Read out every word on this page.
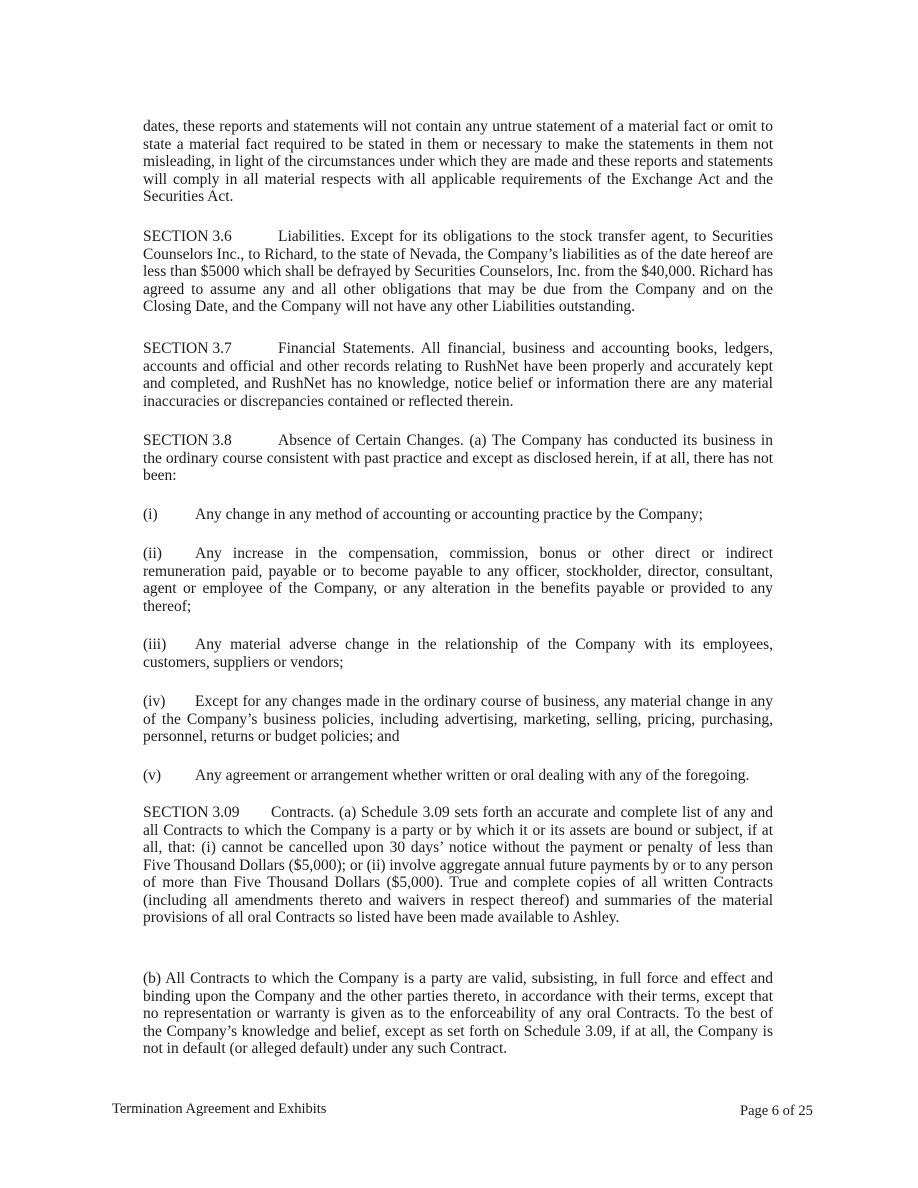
dates, these reports and statements will not contain any untrue statement of a material fact or omit to state a material fact required to be stated in them or necessary to make the statements in them not misleading, in light of the circumstances under which they are made and these reports and statements will comply in all material respects with all applicable requirements of the Exchange Act and the Securities Act.

SECTION 3.6	Liabilities. Except for its obligations to the stock transfer agent, to Securities Counselors Inc., to Richard, to the state of Nevada, the Company’s liabilities as of the date hereof are less than $5000 which shall be defrayed by Securities Counselors, Inc. from the $40,000. Richard has agreed to assume any and all other obligations that may be due from the Company and on the Closing Date, and the Company will not have any other Liabilities outstanding.

SECTION 3.7	Financial Statements. All financial, business and accounting books, ledgers, accounts and official and other records relating to RushNet have been properly and accurately kept and completed, and RushNet has no knowledge, notice belief or information there are any material inaccuracies or discrepancies contained or reflected therein.

SECTION 3.8	Absence of Certain Changes. (a) The Company has conducted its business in the ordinary course consistent with past practice and except as disclosed herein, if at all, there has not been:

(i) Any change in any method of accounting or accounting practice by the Company;

(ii) Any increase in the compensation, commission, bonus or other direct or indirect remuneration paid, payable or to become payable to any officer, stockholder, director, consultant, agent or employee of the Company, or any alteration in the benefits payable or provided to any thereof;

(iii) Any material adverse change in the relationship of the Company with its employees, customers, suppliers or vendors;

(iv) Except for any changes made in the ordinary course of business, any material change in any of the Company’s business policies, including advertising, marketing, selling, pricing, purchasing, personnel, returns or budget policies; and

(v) Any agreement or arrangement whether written or oral dealing with any of the foregoing.

SECTION 3.09 Contracts. (a) Schedule 3.09 sets forth an accurate and complete list of any and all Contracts to which the Company is a party or by which it or its assets are bound or subject, if at all, that: (i) cannot be cancelled upon 30 days’ notice without the payment or penalty of less than Five Thousand Dollars ($5,000); or (ii) involve aggregate annual future payments by or to any person of more than Five Thousand Dollars ($5,000). True and complete copies of all written Contracts (including all amendments thereto and waivers in respect thereof) and summaries of the material provisions of all oral Contracts so listed have been made available to Ashley.

(b) All Contracts to which the Company is a party are valid, subsisting, in full force and effect and binding upon the Company and the other parties thereto, in accordance with their terms, except that no representation or warranty is given as to the enforceability of any oral Contracts. To the best of the Company’s knowledge and belief, except as set forth on Schedule 3.09, if at all, the Company is not in default (or alleged default) under any such Contract.

Termination Agreement and Exhibits	Page 6 of 25
